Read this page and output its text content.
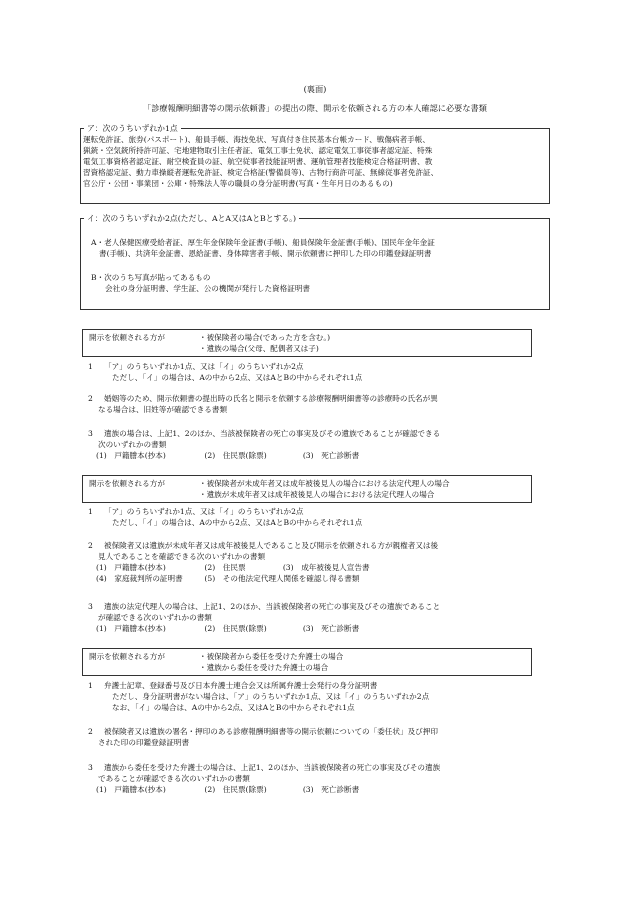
(裏面)
「診療報酬明細書等の開示依頼書」の提出の際、開示を依頼される方の本人確認に必要な書類
ア：次のうちいずれか1点
運転免許証、旅券(パスポート)、船員手帳、海技免状、写真付き住民基本台帳カード、戦傷病者手帳、
猟銃・空気銃所持許可証、宅地建物取引主任者証、電気工事士免状、認定電気工事従事者認定証、特殊
電気工事資格者認定証、耐空検査員の証、航空従事者技能証明書、運航管理者技能検定合格証明書、教
習資格認定証、動力車操縦者運転免許証、検定合格証(警備員等)、古物行商許可証、無線従事者免許証、
官公庁・公団・事業団・公庫・特殊法人等の職員の身分証明書(写真・生年月日のあるもの)
イ：次のうちいずれか2点(ただし、AとA又はAとBとする。)
A・老人保健医療受給者証、厚生年金保険年金証書(手帳)、船員保険年金証書(手帳)、国民年金年金証
書(手帳)、共済年金証書、恩給証書、身体障害者手帳、開示依頼書に押印した印の印鑑登録証明書
B・次のうち写真が貼ってあるもの
会社の身分証明書、学生証、公の機関が発行した資格証明書
開示を依頼される方が	・被保険者の場合(であった方を含む。)
・遺族の場合(父母、配偶者又は子)
1 「ア」のうちいずれか1点、又は「イ」のうちいずれか2点
ただし、「イ」の場合は、Aの中から2点、又はAとBの中からそれぞれ1点
2 婚姻等のため、開示依頼書の提出時の氏名と開示を依頼する診療報酬明細書等の診療時の氏名が異
なる場合は、旧姓等が確認できる書類
3 遺族の場合は、上記1、2のほか、当該被保険者の死亡の事実及びその遺族であることが確認できる
次のいずれかの書類
(1)　戸籍謄本(抄本)	(2)　住民票(除票)	(3)　死亡診断書
開示を依頼される方が	・被保険者が未成年者又は成年被後見人の場合における法定代理人の場合
・遺族が未成年者又は成年被後見人の場合における法定代理人の場合
1 「ア」のうちいずれか1点、又は「イ」のうちいずれか2点
ただし、「イ」の場合は、Aの中から2点、又はAとBの中からそれぞれ1点
2 被保険者又は遺族が未成年者又は成年被後見人であること及び開示を依頼される方が親権者又は後
見人であることを確認できる次のいずれかの書類
(1)　戸籍謄本(抄本)	(2)　住民票	(3)　成年被後見人宣告書
(4)　家庭裁判所の証明書	(5)　その他法定代理人関係を確認し得る書類
3 遺族の法定代理人の場合は、上記1、2のほか、当該被保険者の死亡の事実及びその遺族であること
が確認できる次のいずれかの書類
(1)　戸籍謄本(抄本)	(2)　住民票(除票)	(3)　死亡診断書
開示を依頼される方が	・被保険者から委任を受けた弁護士の場合
・遺族から委任を受けた弁護士の場合
1 弁護士記章、登録番号及び日本弁護士連合会又は所属弁護士会発行の身分証明書
ただし、身分証明書がない場合は、「ア」のうちいずれか1点、又は「イ」のうちいずれか2点
なお、「イ」の場合は、Aの中から2点、又はAとBの中からそれぞれ1点
2 被保険者又は遺族の署名・押印のある診療報酬明細書等の開示依頼についての「委任状」及び押印
された印の印鑑登録証明書
3 遺族から委任を受けた弁護士の場合は、上記1、2のほか、当該被保険者の死亡の事実及びその遺族
であることが確認できる次のいずれかの書類
(1)　戸籍謄本(抄本)	(2)　住民票(除票)	(3)　死亡診断書
